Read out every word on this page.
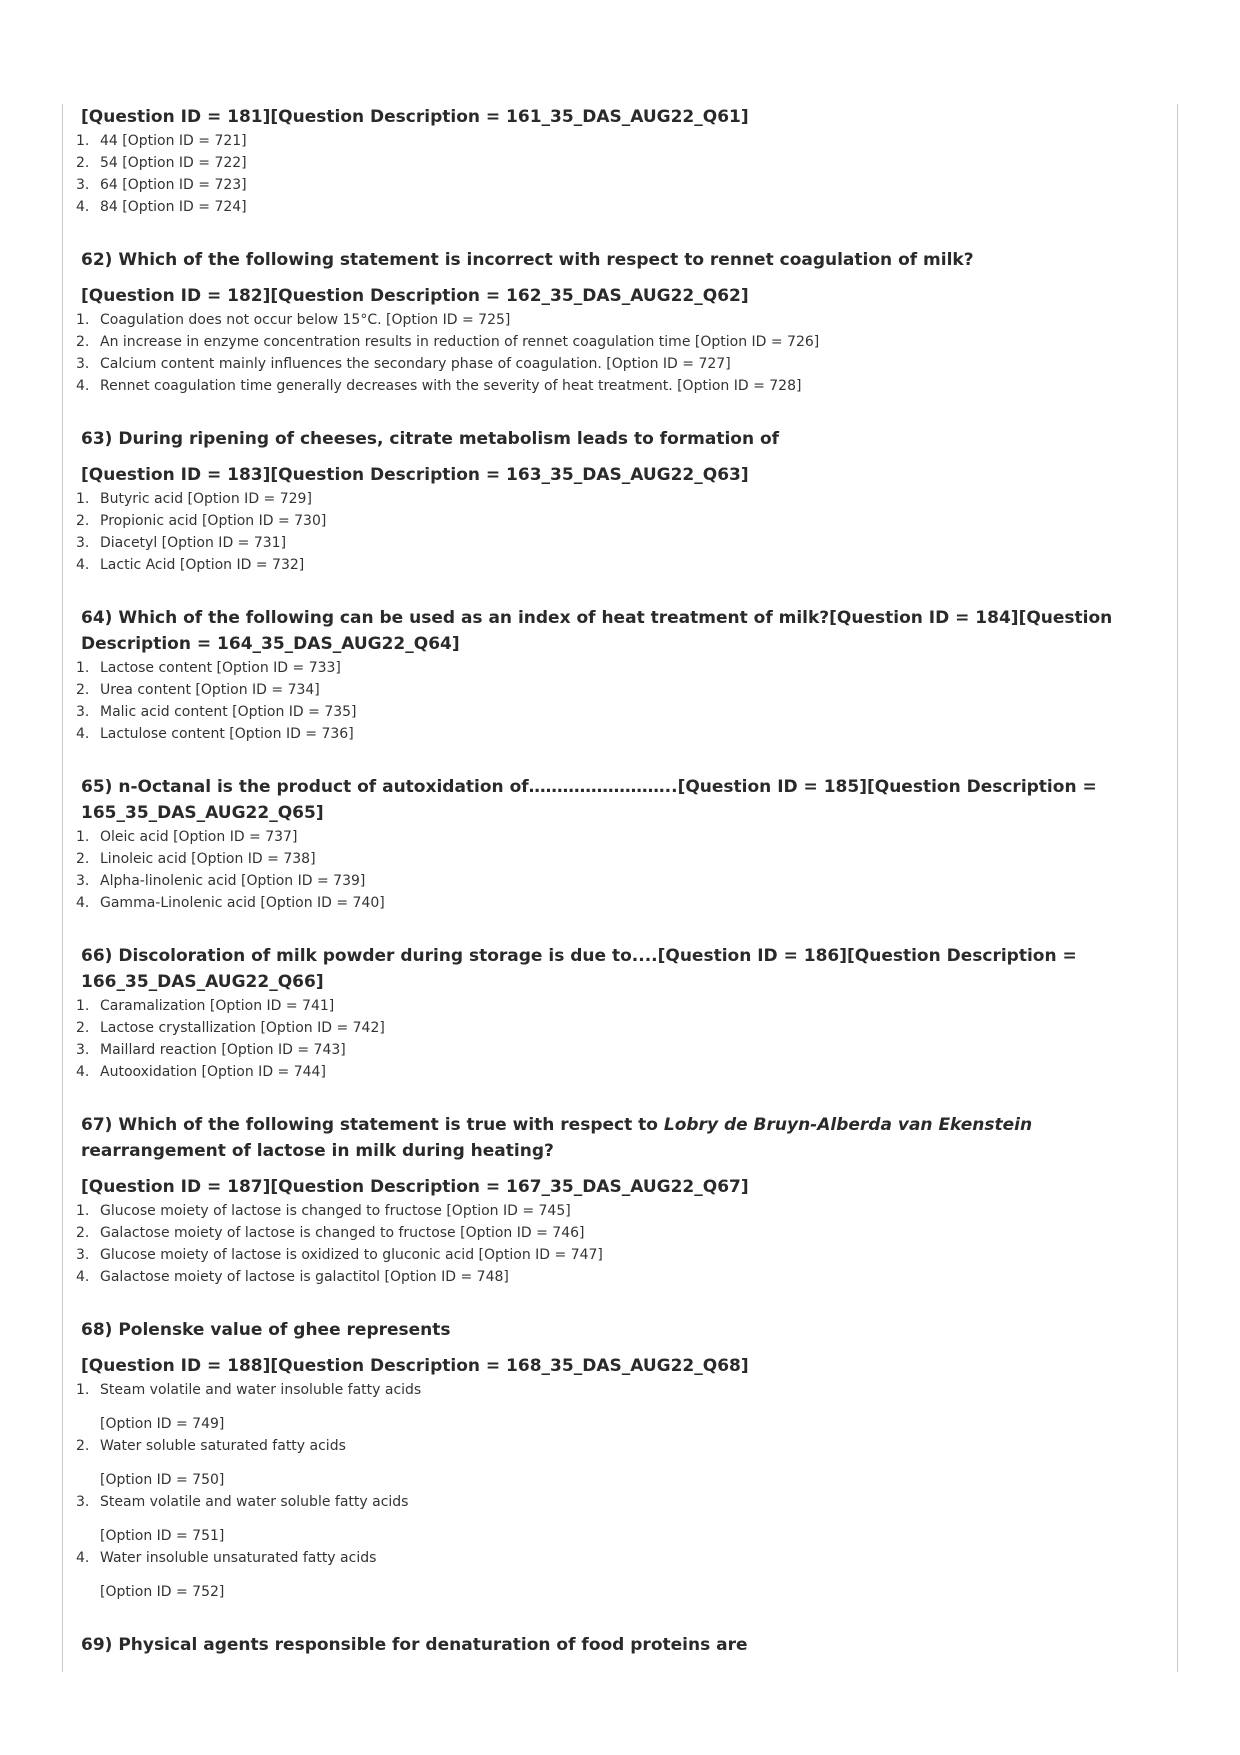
[Question ID = 181][Question Description = 161_35_DAS_AUG22_Q61]
1. 44 [Option ID = 721]
2. 54 [Option ID = 722]
3. 64 [Option ID = 723]
4. 84 [Option ID = 724]
62) Which of the following statement is incorrect with respect to rennet coagulation of milk?
[Question ID = 182][Question Description = 162_35_DAS_AUG22_Q62]
1. Coagulation does not occur below 15°C. [Option ID = 725]
2. An increase in enzyme concentration results in reduction of rennet coagulation time [Option ID = 726]
3. Calcium content mainly influences the secondary phase of coagulation. [Option ID = 727]
4. Rennet coagulation time generally decreases with the severity of heat treatment. [Option ID = 728]
63) During ripening of cheeses, citrate metabolism leads to formation of
[Question ID = 183][Question Description = 163_35_DAS_AUG22_Q63]
1. Butyric acid [Option ID = 729]
2. Propionic acid [Option ID = 730]
3. Diacetyl [Option ID = 731]
4. Lactic Acid [Option ID = 732]
64) Which of the following can be used as an index of heat treatment of milk?[Question ID = 184][Question Description = 164_35_DAS_AUG22_Q64]
1. Lactose content [Option ID = 733]
2. Urea content [Option ID = 734]
3. Malic acid content [Option ID = 735]
4. Lactulose content [Option ID = 736]
65) n-Octanal is the product of autoxidation of……………………..[Question ID = 185][Question Description = 165_35_DAS_AUG22_Q65]
1. Oleic acid [Option ID = 737]
2. Linoleic acid [Option ID = 738]
3. Alpha-linolenic acid [Option ID = 739]
4. Gamma-Linolenic acid [Option ID = 740]
66) Discoloration of milk powder during storage is due to....[Question ID = 186][Question Description = 166_35_DAS_AUG22_Q66]
1. Caramalization [Option ID = 741]
2. Lactose crystallization [Option ID = 742]
3. Maillard reaction [Option ID = 743]
4. Autooxidation [Option ID = 744]
67) Which of the following statement is true with respect to Lobry de Bruyn-Alberda van Ekenstein rearrangement of lactose in milk during heating?
[Question ID = 187][Question Description = 167_35_DAS_AUG22_Q67]
1. Glucose moiety of lactose is changed to fructose [Option ID = 745]
2. Galactose moiety of lactose is changed to fructose [Option ID = 746]
3. Glucose moiety of lactose is oxidized to gluconic acid [Option ID = 747]
4. Galactose moiety of lactose is galactitol [Option ID = 748]
68) Polenske value of ghee represents
[Question ID = 188][Question Description = 168_35_DAS_AUG22_Q68]
1. Steam volatile and water insoluble fatty acids
[Option ID = 749]
2. Water soluble saturated fatty acids
[Option ID = 750]
3. Steam volatile and water soluble fatty acids
[Option ID = 751]
4. Water insoluble unsaturated fatty acids
[Option ID = 752]
69) Physical agents responsible for denaturation of food proteins are
